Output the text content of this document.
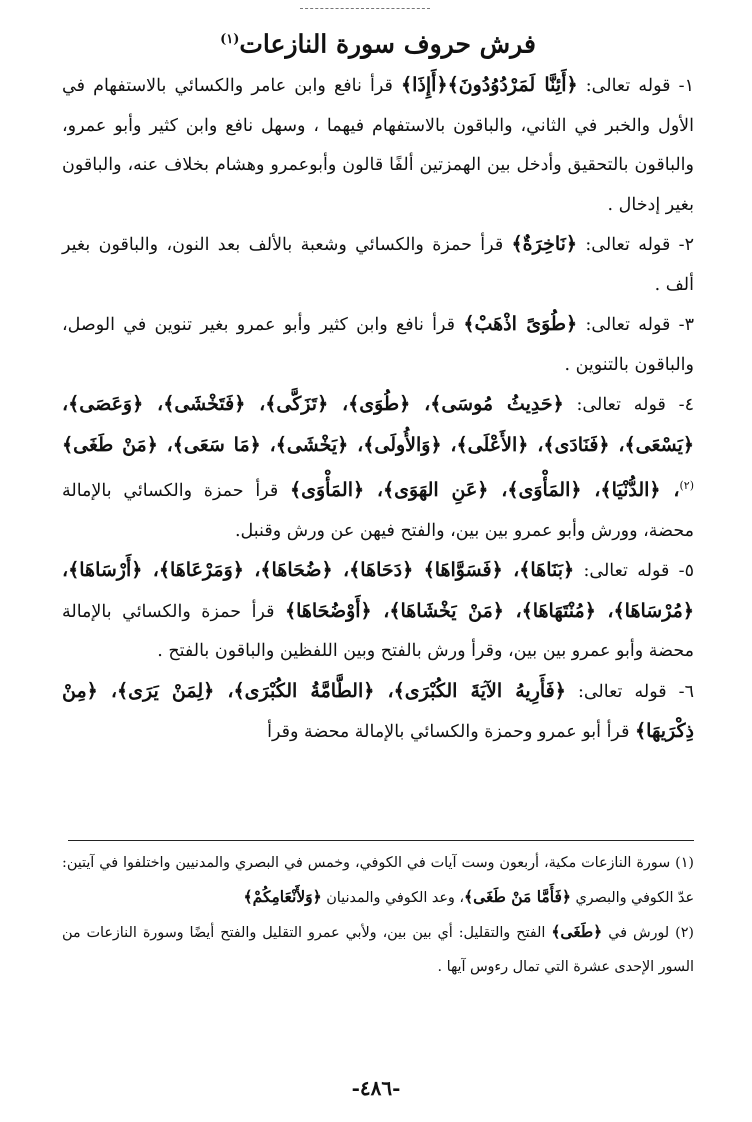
فرش حروف سورة النازعات$^{(١)}$

١- قوله تعالى: ﴿أَئِنَّا لَمَرْدُوُدُونَ﴾﴿أَإِذَا﴾ قرأ نافع وابن عامر والكسائي بالاستفهام في الأول والخبر في الثاني، والباقون بالاستفهام فيهما ، وسهل نافع وابن كثير وأبو عمرو، والباقون بالتحقيق وأدخل بين الهمزتين ألفًا قالون وأبوعمرو وهشام بخلاف عنه، والباقون بغير إدخال .

٢- قوله تعالى: ﴿نَاخِرَةٌ﴾ قرأ حمزة والكسائي وشعبة بالألف بعد النون، والباقون بغير ألف .

٣- قوله تعالى: ﴿طُوَىً اذْهَبْ﴾ قرأ نافع وابن كثير وأبو عمرو بغير تنوين في الوصل، والباقون بالتنوين .

٤- قوله تعالى: ﴿حَدِيثُ مُوسَى﴾، ﴿طُوَى﴾، ﴿تَزَكَّى﴾، ﴿فَتَخْشَى﴾، ﴿وَعَصَى﴾، ﴿يَسْعَى﴾، ﴿فَنَادَى﴾، ﴿الأَعْلَى﴾، ﴿وَالأُولَى﴾، ﴿يَخْشَى﴾، ﴿مَا سَعَى﴾، ﴿مَنْ طَغَى﴾$^{(٢)}$، ﴿الدُّنْيَا﴾، ﴿المَأْوَى﴾، ﴿عَنِ الهَوَى﴾، ﴿المَأْوَى﴾ قرأ حمزة والكسائي بالإمالة محضة، وورش وأبو عمرو بين بين، والفتح فيهن عن ورش وقنبل.

٥- قوله تعالى: ﴿بَنَاهَا﴾، ﴿فَسَوَّاهَا﴾ ﴿دَحَاهَا﴾، ﴿ضُحَاهَا﴾، ﴿وَمَرْعَاهَا﴾، ﴿أَرْسَاهَا﴾، ﴿مُرْسَاهَا﴾، ﴿مُنْتَهَاهَا﴾، ﴿مَنْ يَخْشَاهَا﴾، ﴿أَوْضُحَاهَا﴾ قرأ حمزة والكسائي بالإمالة محضة وأبو عمرو بين بين، وقرأ ورش بالفتح وبين اللفظين والباقون بالفتح .

٦- قوله تعالى: ﴿فَأَرِيهُ الآيَةَ الكُبْرَى﴾، ﴿الطَّامَّةُ الكُبْرَى﴾، ﴿لِمَنْ يَرَى﴾، ﴿مِنْ ذِكْرَيهَا﴾ قرأ أبو عمرو وحمزة والكسائي بالإمالة محضة وقرأ

(١) سورة النازعات مكية، أربعون وست آيات في الكوفي، وخمس في البصري والمدنيين واختلفوا في آيتين: عدّ الكوفي والبصري ﴿فَأَمَّا مَنْ طَغَى﴾، وعد الكوفي والمدنيان ﴿وَلأَنْعَامِكُمْ﴾

(٢) لورش في ﴿طَغَى﴾ الفتح والتقليل: أي بين بين، ولأبي عمرو التقليل والفتح أيضًا وسورة النازعات من السور الإحدى عشرة التي تمال رءوس آيها .

-٤٨٦-
